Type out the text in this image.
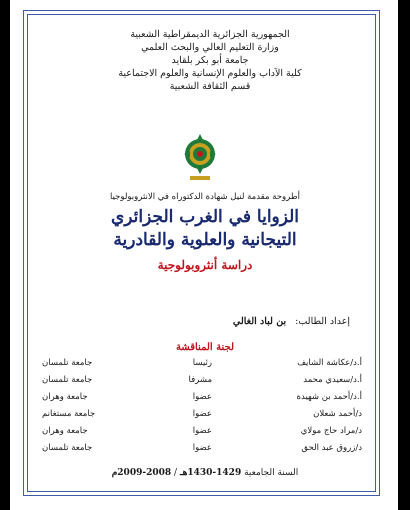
الجمهورية الجزائرية الديمقراطية الشعبية
وزارة التعليم العالي والبحث العلمي
جامعة أبو بكر بلقايد
كلية الآداب والعلوم الإنسانية والعلوم الاجتماعية
قسم الثقافة الشعبية
أطروحة مقدمة لنيل شهادة الدكتوراه في الانثروبولوجيا
الزوايا في الغرب الجزائري
التيجانية والعلوية والقادرية
دراسة أنثروبولوجية
إعداد الطالب: بن لباد الغالي
لجنة المناقشة
أ.د/عكاشة الشايف
رئيسا
جامعة تلمسان
أ.د/سعيدي محمد
مشرفا
جامعة تلمسان
أ.د/أحمد بن شهيدة
عضوا
جامعة وهران
د/أحمد شعلان
عضوا
جامعة مستغانم
د/مراد حاج مولاي
عضوا
جامعة وهران
د/زروق عبد الحق
عضوا
جامعة تلمسان
السنة الجامعية 1429-1430هـ / 2008-2009م
